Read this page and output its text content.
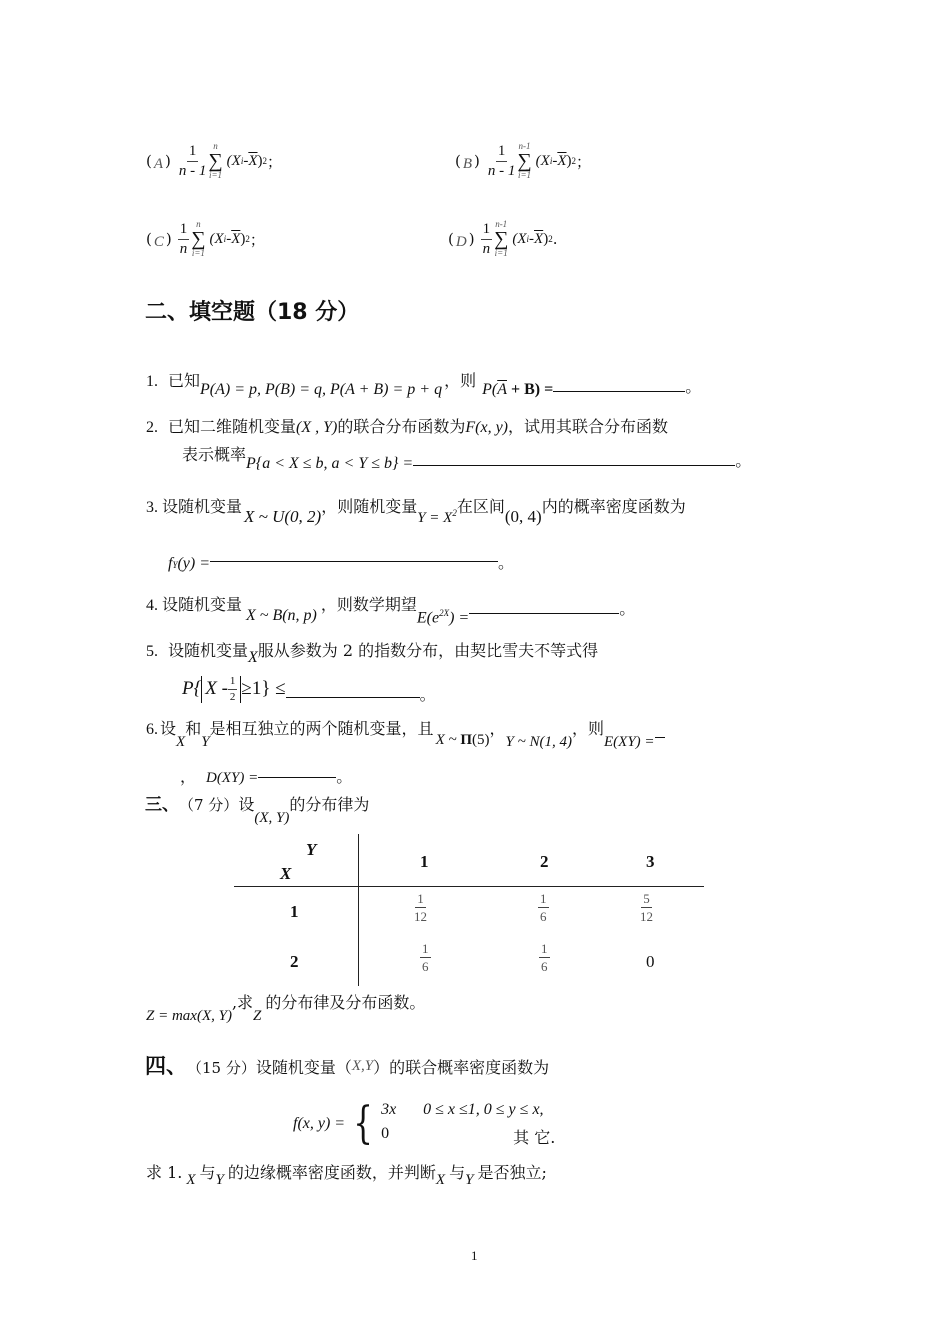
( A ) $\frac{1}{n - 1}$ n
∑
i=1
(X i - $\overline{X}$ ) 2 ；	( B ) $\frac{1}{n - 1} n-1$
∑
i=1
(X i - $\overline{X}$ ) 2 ；
( C ) $\frac{1}{n}$ n
∑
i=1
(X i - $\overline{X}$ ) 2 ；	( D ) $\frac{1}{n} n-1$
∑
i=1
(X i - $\overline{X}$ ) 2 .
二、填空题（18 分）
1. 已知 P(A) = p, P(B) = q, P(A + B) = p + q ，则 $P(\overline{A} + B)$ =	。
2. 已知二维随机变量 (X , Y) 的联合分布函数为 F(x, y) ，试用其联合分布函数
表示概率 P{a < X ≤ b, a < Y ≤ b} =	。
3. 设随机变量
X ~ U(0, 2)
，则随机变量
$Y = X^2$ 在区间
(0, 4)
内的概率密度函数为
f Y (y) =	。
4. 设随机变量
X ~ B(n, p)
，则数学期望
$E(e^{2X})$ =	。
5. 设随机变量 X 服从参数为 2 的指数分布，由契比雪夫不等式得
P{ $X - \frac{1}{2} \ge 1$} ≤	。
6. 设
X
和
Y
是相互独立的两个随机变量，且
X ~ Π(5)
，
Y ~ N(1, 4)
，则
E(XY) =
， D(XY) =	。
三、 （7 分） 设
(X, Y)
的分布律为
Y
X
1	2	3
1	$\frac{1}{12}$	$\frac{1}{6}$	$\frac{5}{12}$
2	$\frac{1}{6}$	$\frac{1}{6}$	0
Z = max(X, Y)
,求
Z
的分布律及分布函数。
四、 （15 分） 设随机变量（ X,Y ）的联合概率密度函数为
f(x, y) = { 3x	0 ≤ x ≤1, 0 ≤ y ≤ x,
0	其 它.
求 1. X 与 Y 的边缘概率密度函数，并判断 X 与 Y 是否独立;
1
